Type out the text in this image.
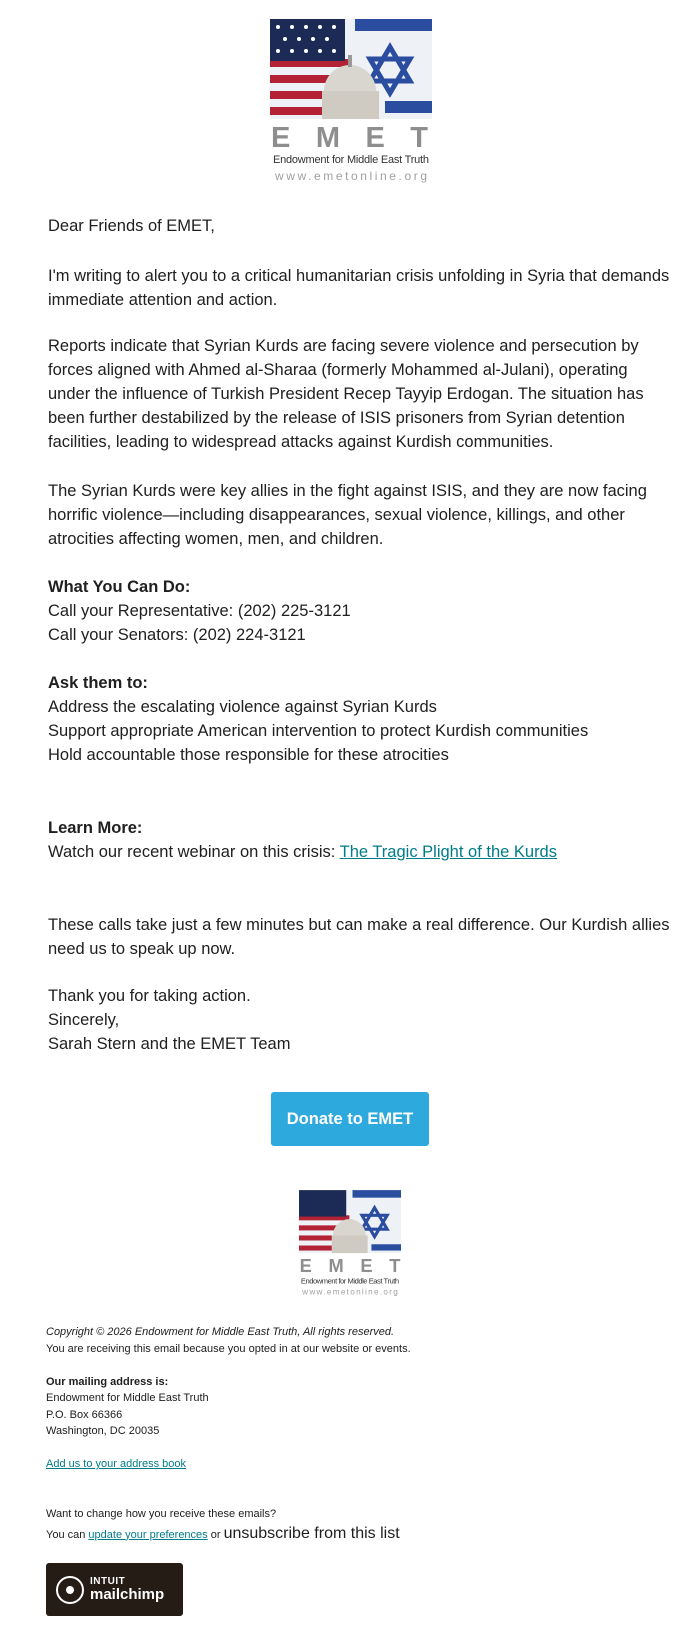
EMET
Endowment for Middle East Truth
www.emetonline.org
Dear Friends of EMET,
I'm writing to alert you to a critical humanitarian crisis unfolding in Syria that demands
immediate attention and action.
Reports indicate that Syrian Kurds are facing severe violence and persecution by
forces aligned with Ahmed al-Sharaa (formerly Mohammed al-Julani), operating
under the influence of Turkish President Recep Tayyip Erdogan. The situation has
been further destabilized by the release of ISIS prisoners from Syrian detention
facilities, leading to widespread attacks against Kurdish communities.
The Syrian Kurds were key allies in the fight against ISIS, and they are now facing
horrific violence—including disappearances, sexual violence, killings, and other
atrocities affecting women, men, and children.
What You Can Do:
Call your Representative: (202) 225-3121
Call your Senators: (202) 224-3121
Ask them to:
Address the escalating violence against Syrian Kurds
Support appropriate American intervention to protect Kurdish communities
Hold accountable those responsible for these atrocities
Learn More:
Watch our recent webinar on this crisis: The Tragic Plight of the Kurds
These calls take just a few minutes but can make a real difference. Our Kurdish allies
need us to speak up now.
Thank you for taking action.
Sincerely,
Sarah Stern and the EMET Team
Donate to EMET
EMET
Endowment for Middle East Truth
www.emetonline.org
Copyright © 2026 Endowment for Middle East Truth, All rights reserved.
You are receiving this email because you opted in at our website or events.
Our mailing address is:
Endowment for Middle East Truth
P.O. Box 66366
Washington, DC 20035
Add us to your address book
Want to change how you receive these emails?
You can update your preferences or unsubscribe from this list
INTUIT
mailchimp
